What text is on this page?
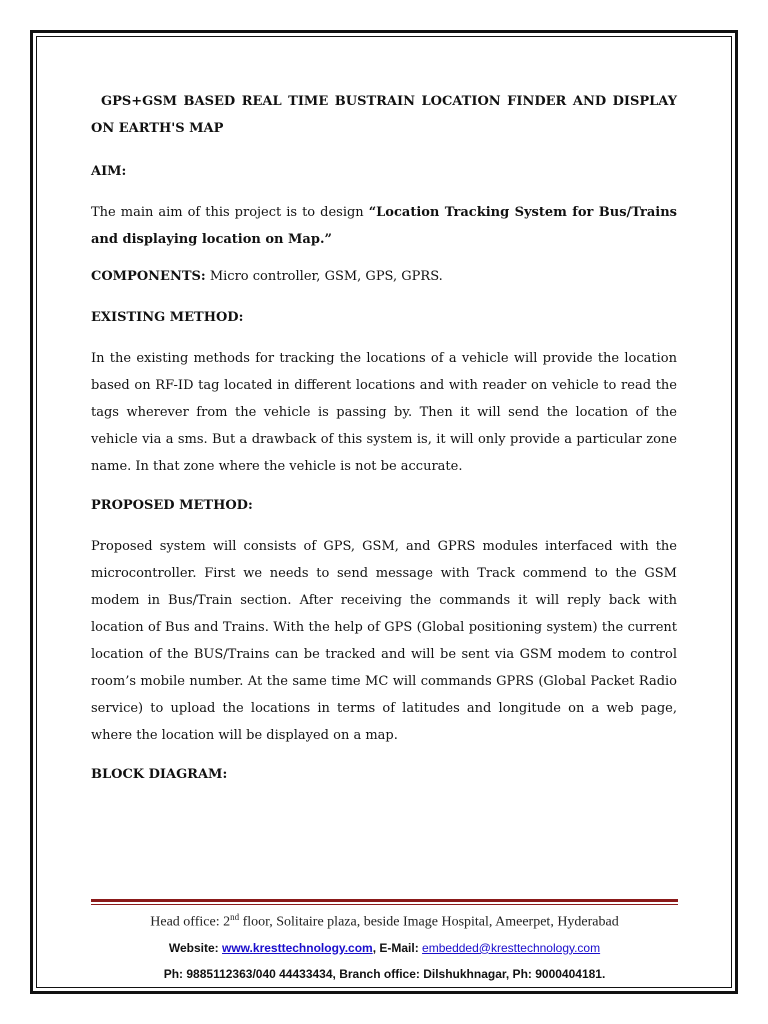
GPS+GSM BASED REAL TIME BUSTRAIN LOCATION FINDER AND DISPLAY ON EARTH'S MAP

AIM:

The main aim of this project is to design “Location Tracking System for Bus/Trains and displaying location on Map.”

COMPONENTS: Micro controller, GSM, GPS, GPRS.

EXISTING METHOD:

In the existing methods for tracking the locations of a vehicle will provide the location based on RF-ID tag located in different locations and with reader on vehicle to read the tags wherever from the vehicle is passing by. Then it will send the location of the vehicle via a sms. But a drawback of this system is, it will only provide a particular zone name. In that zone where the vehicle is not be accurate.

PROPOSED METHOD:

Proposed system will consists of GPS, GSM, and GPRS modules interfaced with the microcontroller. First we needs to send message with Track commend to the GSM modem in Bus/Train section. After receiving the commands it will reply back with location of Bus and Trains. With the help of GPS (Global positioning system) the current location of the BUS/Trains can be tracked and will be sent via GSM modem to control room’s mobile number. At the same time MC will commands GPRS (Global Packet Radio service) to upload the locations in terms of latitudes and longitude on a web page, where the location will be displayed on a map.

BLOCK DIAGRAM:

Head office: 2nd floor, Solitaire plaza, beside Image Hospital, Ameerpet, Hyderabad
Website: www.kresttechnology.com, E-Mail: embedded@kresttechnology.com
Ph: 9885112363/040 44433434, Branch office: Dilshukhnagar, Ph: 9000404181.
